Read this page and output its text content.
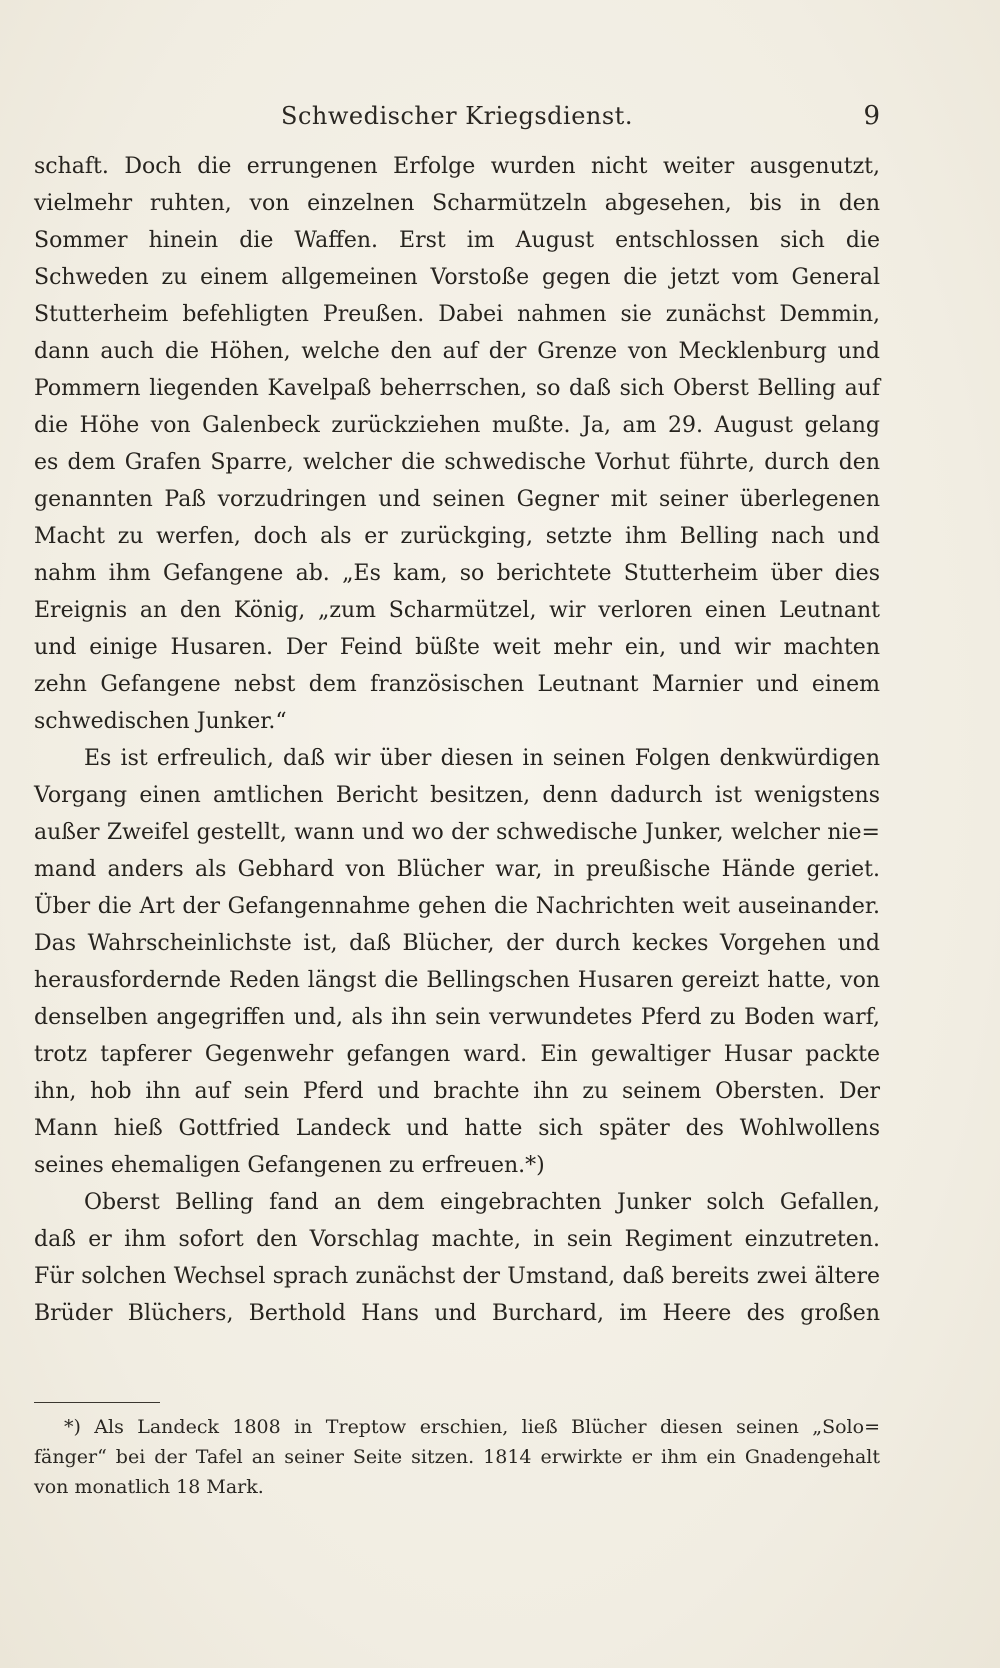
Schwedischer Kriegsdienst.	9
schaft. Doch die errungenen Erfolge wurden nicht weiter ausgenutzt,
vielmehr ruhten, von einzelnen Scharmützeln abgesehen, bis in den
Sommer hinein die Waffen. Erst im August entschlossen sich die
Schweden zu einem allgemeinen Vorstoße gegen die jetzt vom General
Stutterheim befehligten Preußen. Dabei nahmen sie zunächst Demmin,
dann auch die Höhen, welche den auf der Grenze von Mecklenburg und
Pommern liegenden Kavelpaß beherrschen, so daß sich Oberst Belling auf
die Höhe von Galenbeck zurückziehen mußte. Ja, am 29. August gelang
es dem Grafen Sparre, welcher die schwedische Vorhut führte, durch den
genannten Paß vorzudringen und seinen Gegner mit seiner überlegenen
Macht zu werfen, doch als er zurückging, setzte ihm Belling nach und
nahm ihm Gefangene ab. „Es kam, so berichtete Stutterheim über dies
Ereignis an den König, „zum Scharmützel, wir verloren einen Leutnant
und einige Husaren. Der Feind büßte weit mehr ein, und wir machten
zehn Gefangene nebst dem französischen Leutnant Marnier und einem
schwedischen Junker.“
Es ist erfreulich, daß wir über diesen in seinen Folgen denkwürdigen
Vorgang einen amtlichen Bericht besitzen, denn dadurch ist wenigstens
außer Zweifel gestellt, wann und wo der schwedische Junker, welcher nie=
mand anders als Gebhard von Blücher war, in preußische Hände geriet.
Über die Art der Gefangennahme gehen die Nachrichten weit auseinander.
Das Wahrscheinlichste ist, daß Blücher, der durch keckes Vorgehen und
herausfordernde Reden längst die Bellingschen Husaren gereizt hatte, von
denselben angegriffen und, als ihn sein verwundetes Pferd zu Boden warf,
trotz tapferer Gegenwehr gefangen ward. Ein gewaltiger Husar packte
ihn, hob ihn auf sein Pferd und brachte ihn zu seinem Obersten. Der
Mann hieß Gottfried Landeck und hatte sich später des Wohlwollens
seines ehemaligen Gefangenen zu erfreuen.*)
Oberst Belling fand an dem eingebrachten Junker solch Gefallen,
daß er ihm sofort den Vorschlag machte, in sein Regiment einzutreten.
Für solchen Wechsel sprach zunächst der Umstand, daß bereits zwei ältere
Brüder Blüchers, Berthold Hans und Burchard, im Heere des großen
*) Als Landeck 1808 in Treptow erschien, ließ Blücher diesen seinen „Solo=
fänger“ bei der Tafel an seiner Seite sitzen. 1814 erwirkte er ihm ein Gnadengehalt
von monatlich 18 Mark.
